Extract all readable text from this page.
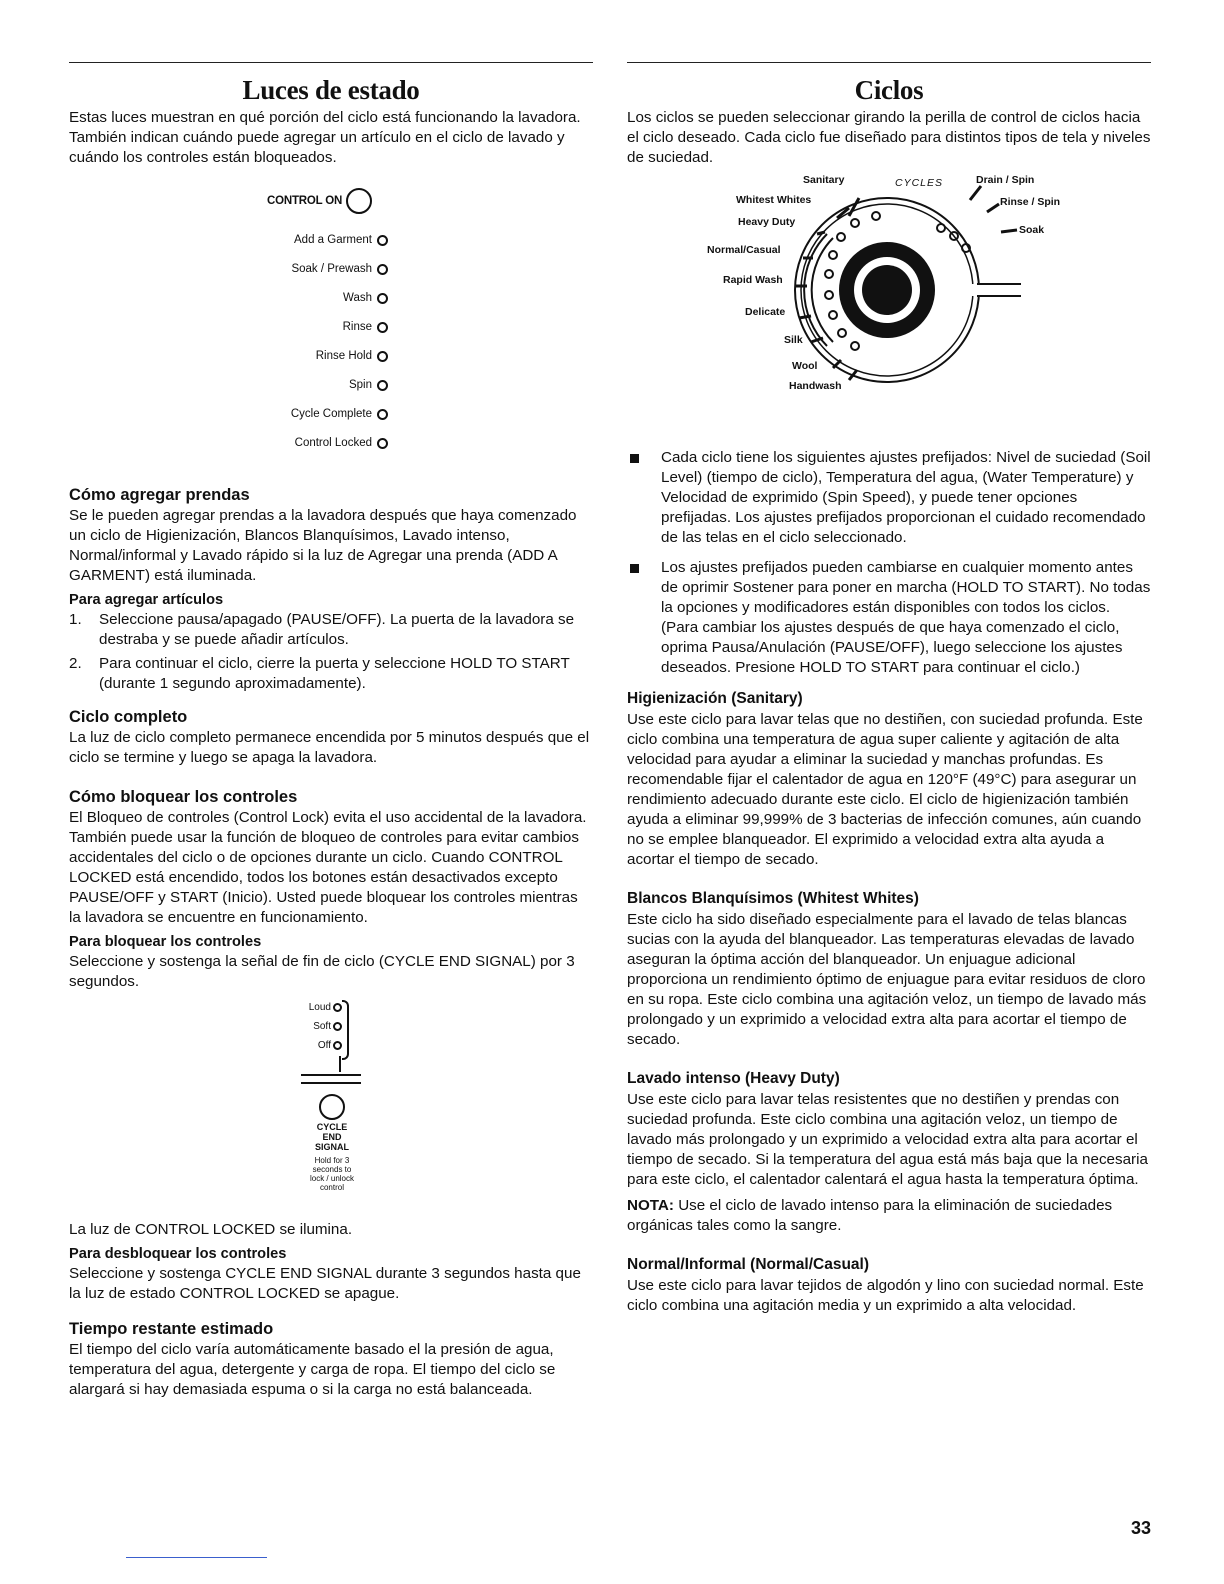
Luces de estado

Estas luces muestran en qué porción del ciclo está funcionando la lavadora. También indican cuándo puede agregar un artículo en el ciclo de lavado y cuándo los controles están bloqueados.

CONTROL ON
Add a Garment
Soak / Prewash
Wash
Rinse
Rinse Hold
Spin
Cycle Complete
Control Locked
Cómo agregar prendas

Se le pueden agregar prendas a la lavadora después que haya comenzado un ciclo de Higienización, Blancos Blanquísimos, Lavado intenso, Normal/informal y Lavado rápido si la luz de Agregar una prenda (ADD A GARMENT) está iluminada.

Para agregar artículos
1.	Seleccione pausa/apagado (PAUSE/OFF). La puerta de la lavadora se destraba y se puede añadir artículos.
2.	Para continuar el ciclo, cierre la puerta y seleccione HOLD TO START (durante 1 segundo aproximadamente).
Ciclo completo

La luz de ciclo completo permanece encendida por 5 minutos después que el ciclo se termine y luego se apaga la lavadora.

Cómo bloquear los controles

El Bloqueo de controles (Control Lock) evita el uso accidental de la lavadora. También puede usar la función de bloqueo de controles para evitar cambios accidentales del ciclo o de opciones durante un ciclo. Cuando CONTROL LOCKED está encendido, todos los botones están desactivados excepto PAUSE/OFF y START (Inicio). Usted puede bloquear los controles mientras la lavadora se encuentre en funcionamiento.

Para bloquear los controles

Seleccione y sostenga la señal de fin de ciclo (CYCLE END SIGNAL) por 3 segundos.

Loud
Soft
Off
CYCLE
END
SIGNAL
Hold for 3
seconds to
lock / unlock
control

La luz de CONTROL LOCKED se ilumina.

Para desbloquear los controles

Seleccione y sostenga CYCLE END SIGNAL durante 3 segundos hasta que la luz de estado CONTROL LOCKED se apague.

Tiempo restante estimado

El tiempo del ciclo varía automáticamente basado el la presión de agua, temperatura del agua, detergente y carga de ropa. El tiempo del ciclo se alargará si hay demasiada espuma o si la carga no está balanceada.

Ciclos

Los ciclos se pueden seleccionar girando la perilla de control de ciclos hacia el ciclo deseado. Cada ciclo fue diseñado para distintos tipos de tela y niveles de suciedad.

CYCLES
Sanitary
Whitest Whites
Heavy Duty
Normal/Casual
Rapid Wash
Delicate
Silk
Wool
Handwash
Drain / Spin
Rinse / Spin
Soak
Cada ciclo tiene los siguientes ajustes prefijados: Nivel de suciedad (Soil Level) (tiempo de ciclo), Temperatura del agua, (Water Temperature) y Velocidad de exprimido (Spin Speed), y puede tener opciones prefijadas. Los ajustes prefijados proporcionan el cuidado recomendado de las telas en el ciclo seleccionado.
Los ajustes prefijados pueden cambiarse en cualquier momento antes de oprimir Sostener para poner en marcha (HOLD TO START). No todas la opciones y modificadores están disponibles con todos los ciclos. (Para cambiar los ajustes después de que haya comenzado el ciclo, oprima Pausa/Anulación (PAUSE/OFF), luego seleccione los ajustes deseados. Presione HOLD TO START para continuar el ciclo.)
Higienización (Sanitary)

Use este ciclo para lavar telas que no destiñen, con suciedad profunda. Este ciclo combina una temperatura de agua super caliente y agitación de alta velocidad para ayudar a eliminar la suciedad y manchas profundas. Es recomendable fijar el calentador de agua en 120°F (49°C) para asegurar un rendimiento adecuado durante este ciclo. El ciclo de higienización también ayuda a eliminar 99,999% de 3 bacterias de infección comunes, aún cuando no se emplee blanqueador. El exprimido a velocidad extra alta ayuda a acortar el tiempo de secado.

Blancos Blanquísimos (Whitest Whites)

Este ciclo ha sido diseñado especialmente para el lavado de telas blancas sucias con la ayuda del blanqueador. Las temperaturas elevadas de lavado aseguran la óptima acción del blanqueador. Un enjuague adicional proporciona un rendimiento óptimo de enjuague para evitar residuos de cloro en su ropa. Este ciclo combina una agitación veloz, un tiempo de lavado más prolongado y un exprimido a velocidad extra alta para acortar el tiempo de secado.

Lavado intenso (Heavy Duty)

Use este ciclo para lavar telas resistentes que no destiñen y prendas con suciedad profunda. Este ciclo combina una agitación veloz, un tiempo de lavado más prolongado y un exprimido a velocidad extra alta para acortar el tiempo de secado. Si la temperatura del agua está más baja que la necesaria para este ciclo, el calentador calentará el agua hasta la temperatura óptima.

NOTA: Use el ciclo de lavado intenso para la eliminación de suciedades orgánicas tales como la sangre.

Normal/Informal (Normal/Casual)

Use este ciclo para lavar tejidos de algodón y lino con suciedad normal. Este ciclo combina una agitación media y un exprimido a alta velocidad.

33
